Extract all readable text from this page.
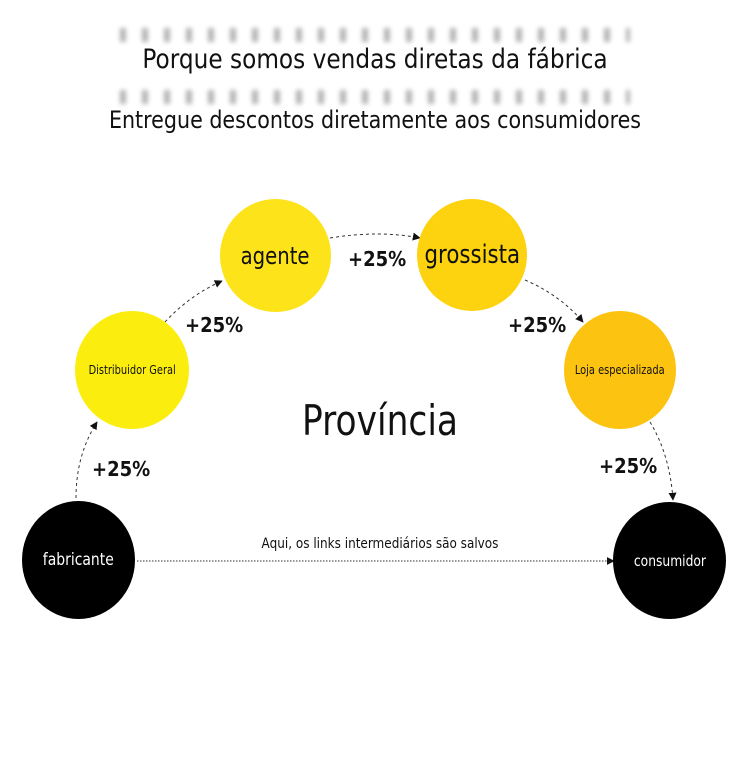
Porque somos vendas diretas da fábrica
Entregue descontos diretamente aos consumidores
Distribuidor Geral
agente	grossista
Loja especializada
fabricante	consumidor
+25%
+25%
+25%
+25%
+25%
Província
Aqui, os links intermediários são salvos
